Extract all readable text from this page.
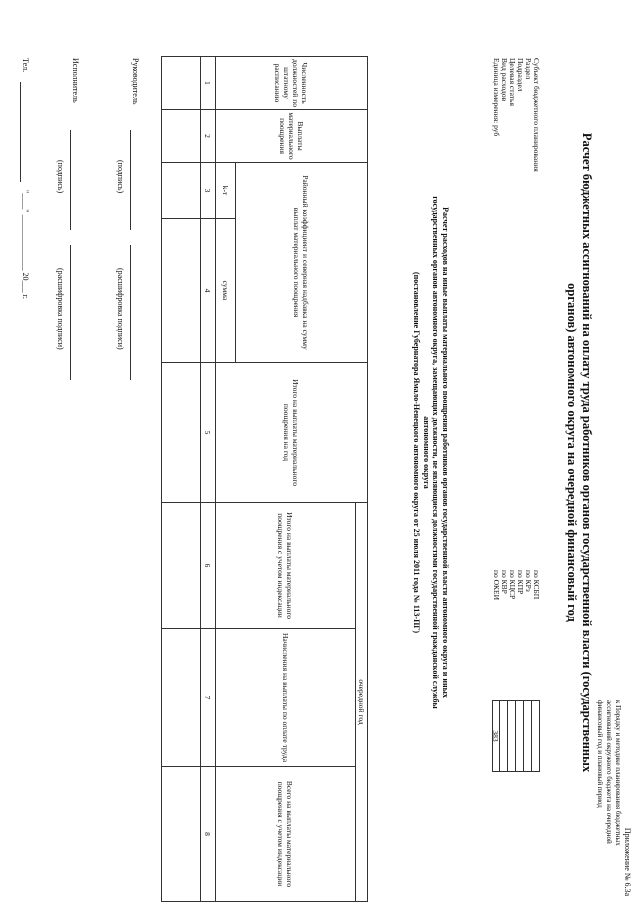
Приложение № 6.3а
к Порядку и методике планирования бюджетных
ассигнований окружного бюджета на очередной
финансовый год и плановый период
Расчет бюджетных ассигнований на оплату труда работников органов государственной власти (государственных
органов) автономного округа на очередной финансовый год
Субъект бюджетного планирования
Раздел
Подраздел
Целевая статья
Вид расходов
Единица измерения: руб
по КСБП
по КРз
по КПР
по КЦСР
по КВР
по ОКЕИ
383
Расчет расходов на иные выплаты материального поощрения работников органов государственной власти автономного округа и иных
государственных органов автономного округа, замещающих должности, не являющиеся должностями государственной гражданской службы
автономного округа
(постановление Губернатора Ямало-Ненецкого автономного округа от 25 июля 2011 года № 113-ПГ)
Численность должностей по штатному расписанию	Выплаты материального поощрения	Районный коэффициент и северная надбавка на сумму выплат материального поощрения		Итого на выплаты материального поощрения на год	очередной год		
					Итого на выплаты материального поощрения с учетом индексации	Начисления на выплаты по оплате труда	Всего на выплаты материального поощрения с учетом индексации
		k-т	сумма				
1	2	3	4	5	6	7	8

Руководитель
(подпись)
(расшифровка подписи)
Исполнитель
(подпись)
(расшифровка подписи)
Тел.
"____" ______________ 20___ г.
